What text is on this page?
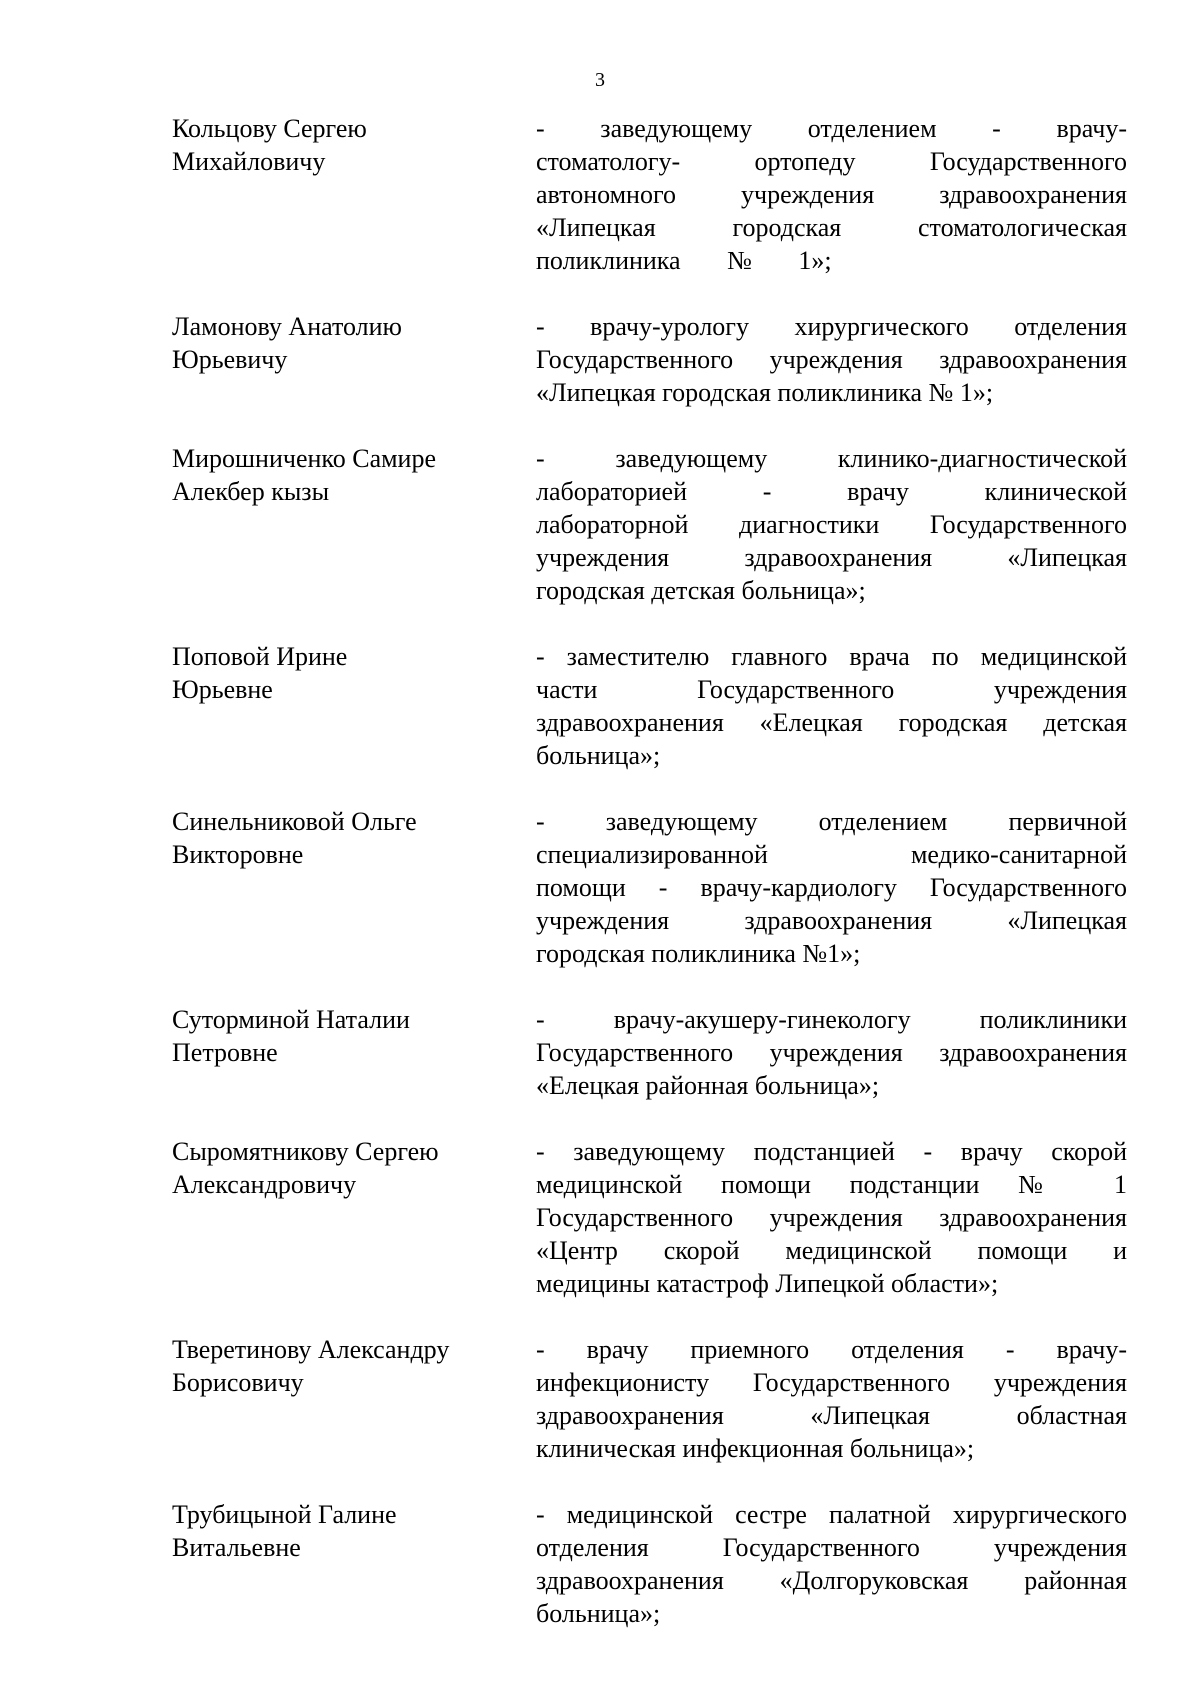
3
Кольцову Сергею
Михайловичу
- заведующему отделением - врачу-
стоматологу- ортопеду Государственного
автономного учреждения здравоохранения
«Липецкая городская стоматологическая
поликлиника № 1»;
Ламонову Анатолию
Юрьевичу
- врачу-урологу хирургического отделения
Государственного учреждения здравоохранения
«Липецкая городская поликлиника № 1»;
Мирошниченко Самире
Алекбер кызы
- заведующему клинико-диагностической
лабораторией - врачу клинической
лабораторной диагностики Государственного
учреждения здравоохранения «Липецкая
городская детская больница»;
Поповой Ирине
Юрьевне
- заместителю главного врача по медицинской
части Государственного учреждения
здравоохранения «Елецкая городская детская
больница»;
Синельниковой Ольге
Викторовне
- заведующему отделением первичной
специализированной медико-санитарной
помощи - врачу-кардиологу Государственного
учреждения здравоохранения «Липецкая
городская поликлиника №1»;
Суторминой Наталии
Петровне
- врачу-акушеру-гинекологу поликлиники
Государственного учреждения здравоохранения
«Елецкая районная больница»;
Сыромятникову Сергею
Александровичу
- заведующему подстанцией - врачу скорой
медицинской помощи подстанции № 1
Государственного учреждения здравоохранения
«Центр скорой медицинской помощи и
медицины катастроф Липецкой области»;
Тверетинову Александру
Борисовичу
- врачу приемного отделения - врачу-
инфекционисту Государственного учреждения
здравоохранения «Липецкая областная
клиническая инфекционная больница»;
Трубицыной Галине
Витальевне
- медицинской сестре палатной хирургического
отделения Государственного учреждения
здравоохранения «Долгоруковская районная
больница»;
